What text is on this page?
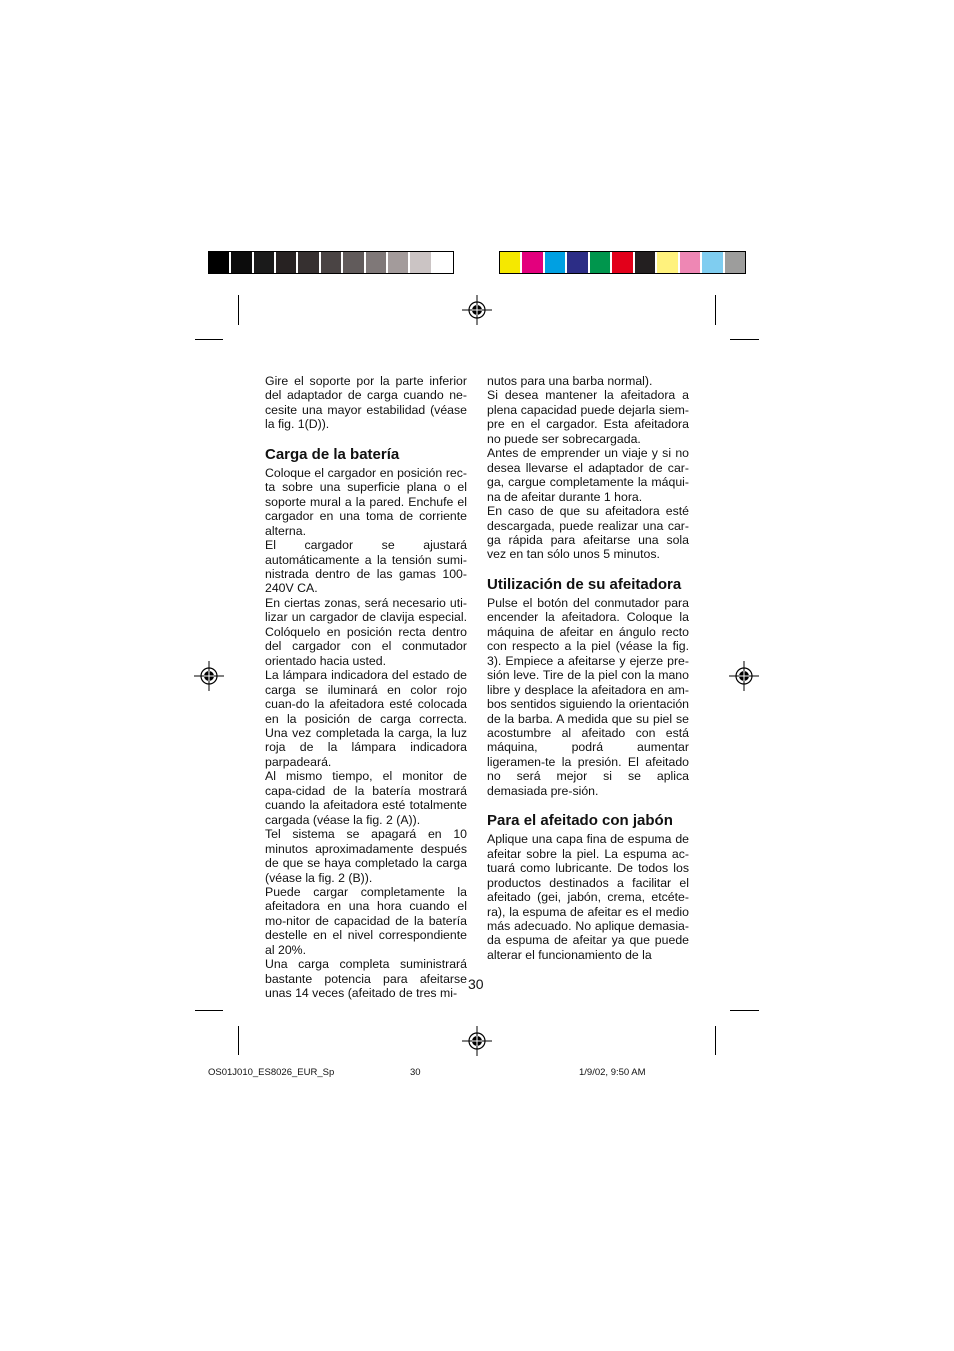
Gire el soporte por la parte inferior del adaptador de carga cuando ne-cesite una mayor estabilidad (véase la fig. 1(D)).

Carga de la batería

Coloque el cargador en posición rec-ta sobre una superficie plana o el soporte mural a la pared. Enchufe el cargador en una toma de corriente alterna.

El cargador se ajustará automáticamente a la tensión sumi-nistrada dentro de las gamas 100-240V CA.

En ciertas zonas, será necesario uti-lizar un cargador de clavija especial. Colóquelo en posición recta dentro del cargador con el conmutador orientado hacia usted.

La lámpara indicadora del estado de carga se iluminará en color rojo cuan-do la afeitadora esté colocada en la posición de carga correcta. Una vez completada la carga, la luz roja de la lámpara indicadora parpadeará.

Al mismo tiempo, el monitor de capa-cidad de la batería mostrará cuando la afeitadora esté totalmente cargada (véase la fig. 2 (A)).

Tel sistema se apagará en 10 minutos aproximadamente después de que se haya completado la carga (véase la fig. 2 (B)).

Puede cargar completamente la afeitadora en una hora cuando el mo-nitor de capacidad de la batería destelle en el nivel correspondiente al 20%.

Una carga completa suministrará bastante potencia para afeitarse unas 14 veces (afeitado de tres mi-

nutos para una barba normal).

Si desea mantener la afeitadora a plena capacidad puede dejarla siem-pre en el cargador. Esta afeitadora no puede ser sobrecargada.

Antes de emprender un viaje y si no desea llevarse el adaptador de car-ga, cargue completamente la máqui-na de afeitar durante 1 hora.

En caso de que su afeitadora esté descargada, puede realizar una car-ga rápida para afeitarse una sola vez en tan sólo unos 5 minutos.

Utilización de su afeitadora

Pulse el botón del conmutador para encender la afeitadora. Coloque la máquina de afeitar en ángulo recto con respecto a la piel (véase la fig. 3). Empiece a afeitarse y ejerze pre-sión leve. Tire de la piel con la mano libre y desplace la afeitadora en am-bos sentidos siguiendo la orientación de la barba. A medida que su piel se acostumbre al afeitado con está máquina, podrá aumentar ligeramen-te la presión. El afeitado no será mejor si se aplica demasiada pre-sión.

Para el afeitado con jabón

Aplique una capa fina de espuma de afeitar sobre la piel. La espuma ac-tuará como lubricante. De todos los productos destinados a facilitar el afeitado (gei, jabón, crema, etcéte-ra), la espuma de afeitar es el medio más adecuado. No aplique demasia-da espuma de afeitar ya que puede alterar el funcionamiento de la

30
OS01J010_ES8026_EUR_Sp	30	1/9/02, 9:50 AM
